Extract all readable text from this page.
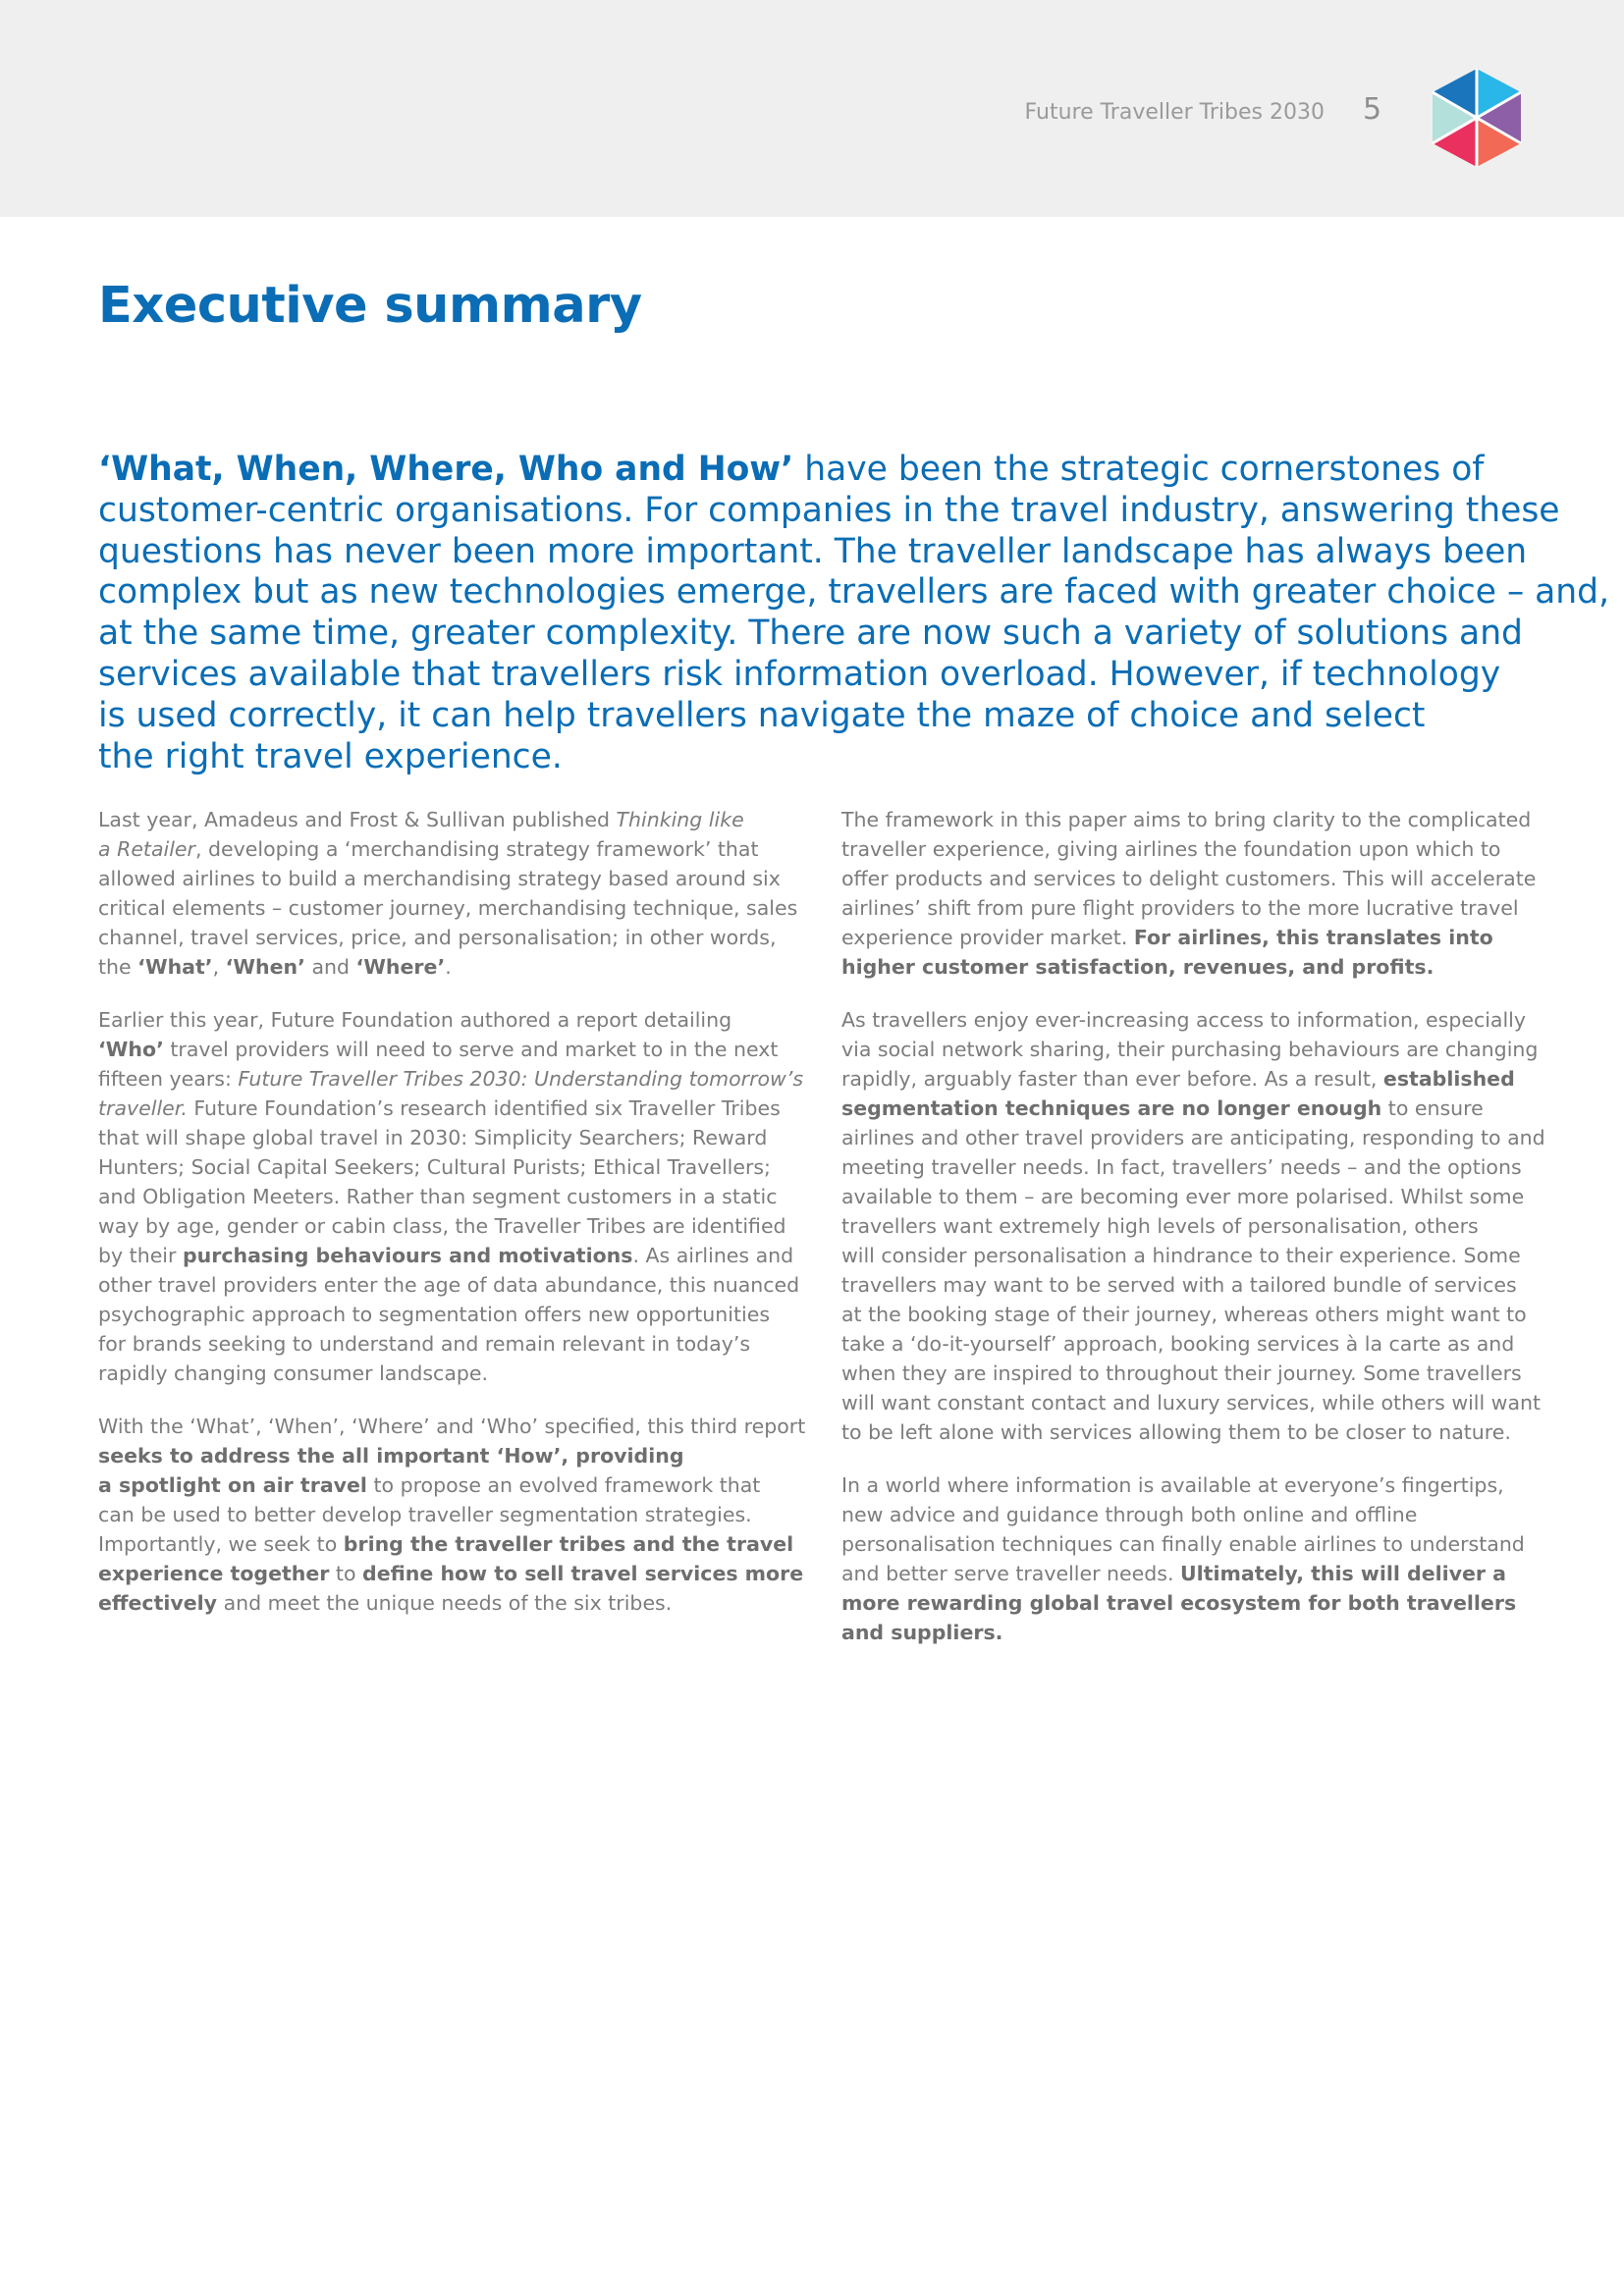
Future Traveller Tribes 2030 5
Executive summary
‘What, When, Where, Who and How’ have been the strategic cornerstones of
customer-centric organisations. For companies in the travel industry, answering these
questions has never been more important. The traveller landscape has always been
complex but as new technologies emerge, travellers are faced with greater choice – and,
at the same time, greater complexity. There are now such a variety of solutions and
services available that travellers risk information overload. However, if technology
is used correctly, it can help travellers navigate the maze of choice and select
the right travel experience.

Last year, Amadeus and Frost & Sullivan published Thinking like
a Retailer, developing a ‘merchandising strategy framework’ that
allowed airlines to build a merchandising strategy based around six
critical elements – customer journey, merchandising technique, sales
channel, travel services, price, and personalisation; in other words,
the ‘What’, ‘When’ and ‘Where’.

Earlier this year, Future Foundation authored a report detailing
‘Who’ travel providers will need to serve and market to in the next
fifteen years: Future Traveller Tribes 2030: Understanding tomorrow’s
traveller. Future Foundation’s research identified six Traveller Tribes
that will shape global travel in 2030: Simplicity Searchers; Reward
Hunters; Social Capital Seekers; Cultural Purists; Ethical Travellers;
and Obligation Meeters. Rather than segment customers in a static
way by age, gender or cabin class, the Traveller Tribes are identified
by their purchasing behaviours and motivations. As airlines and
other travel providers enter the age of data abundance, this nuanced
psychographic approach to segmentation offers new opportunities
for brands seeking to understand and remain relevant in today’s
rapidly changing consumer landscape.

With the ‘What’, ‘When’, ‘Where’ and ‘Who’ specified, this third report
seeks to address the all important ‘How’, providing
a spotlight on air travel to propose an evolved framework that
can be used to better develop traveller segmentation strategies.
Importantly, we seek to bring the traveller tribes and the travel
experience together to define how to sell travel services more
effectively and meet the unique needs of the six tribes.

The framework in this paper aims to bring clarity to the complicated
traveller experience, giving airlines the foundation upon which to
offer products and services to delight customers. This will accelerate
airlines’ shift from pure flight providers to the more lucrative travel
experience provider market. For airlines, this translates into
higher customer satisfaction, revenues, and profits.

As travellers enjoy ever-increasing access to information, especially
via social network sharing, their purchasing behaviours are changing
rapidly, arguably faster than ever before. As a result, established
segmentation techniques are no longer enough to ensure
airlines and other travel providers are anticipating, responding to and
meeting traveller needs. In fact, travellers’ needs – and the options
available to them – are becoming ever more polarised. Whilst some
travellers want extremely high levels of personalisation, others
will consider personalisation a hindrance to their experience. Some
travellers may want to be served with a tailored bundle of services
at the booking stage of their journey, whereas others might want to
take a ‘do-it-yourself’ approach, booking services à la carte as and
when they are inspired to throughout their journey. Some travellers
will want constant contact and luxury services, while others will want
to be left alone with services allowing them to be closer to nature.

In a world where information is available at everyone’s fingertips,
new advice and guidance through both online and offline
personalisation techniques can finally enable airlines to understand
and better serve traveller needs. Ultimately, this will deliver a
more rewarding global travel ecosystem for both travellers
and suppliers.
